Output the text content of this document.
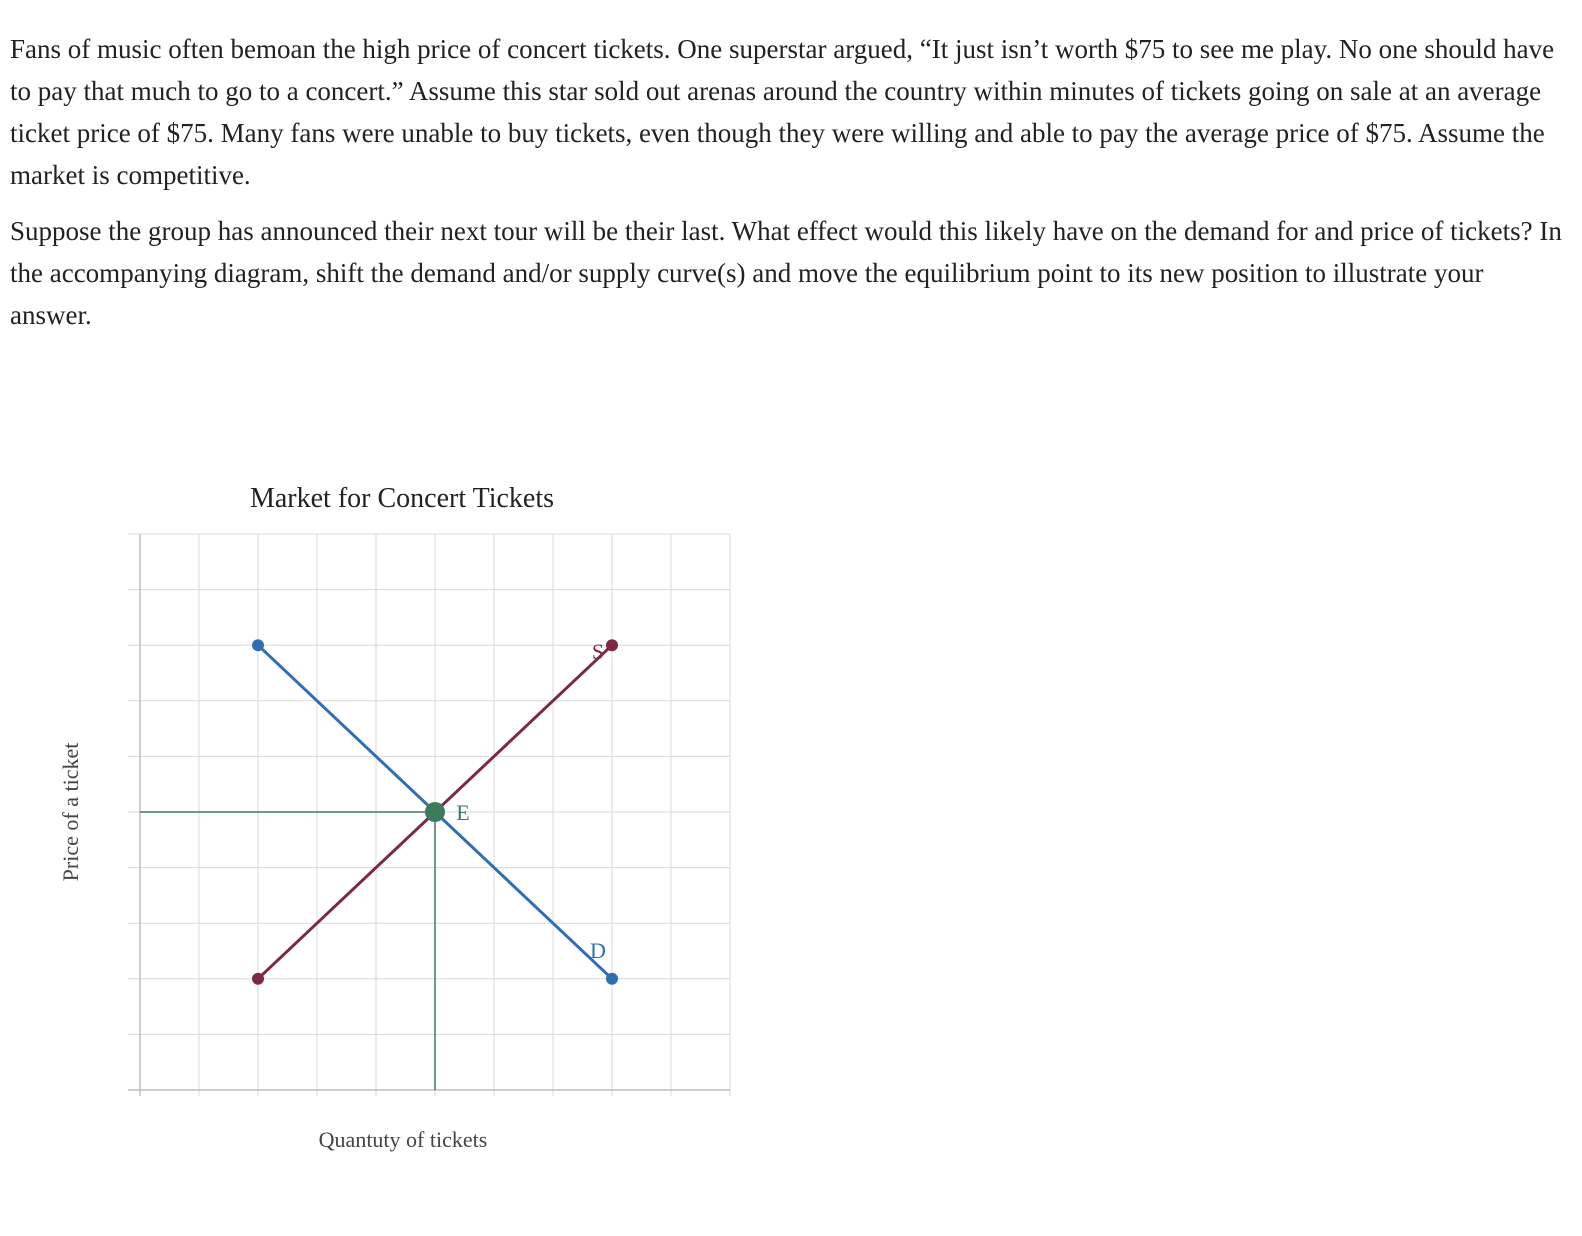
Fans of music often bemoan the high price of concert tickets. One superstar argued, “It just isn’t worth $75 to see me play. No one should have to pay that much to go to a concert.” Assume this star sold out arenas around the country within minutes of tickets going on sale at an average ticket price of $75. Many fans were unable to buy tickets, even though they were willing and able to pay the average price of $75. Assume the market is competitive.

Suppose the group has announced their next tour will be their last. What effect would this likely have on the demand for and price of tickets? In the accompanying diagram, shift the demand and/or supply curve(s) and move the equilibrium point to its new position to illustrate your answer.

Market for Concert Tickets
D
S
E
Quantuty of tickets
Price of a ticket
